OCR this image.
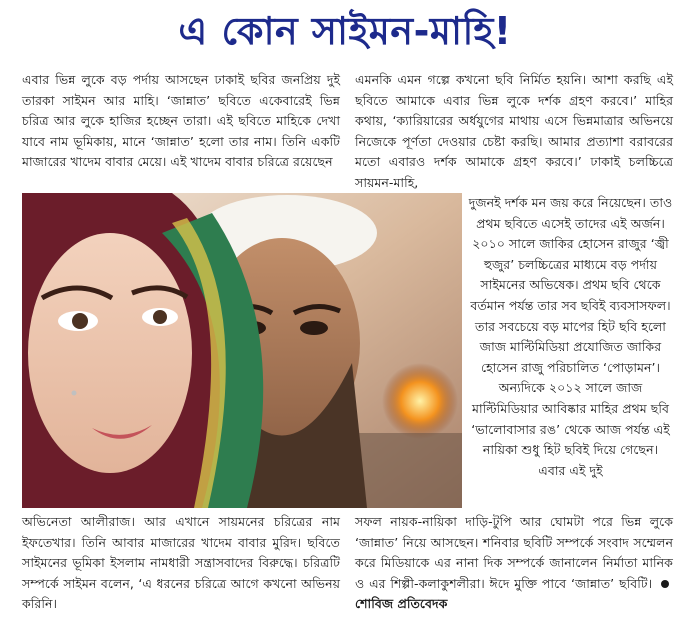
এ কোন সাইমন-মাহি!

এবার ভিন্ন লুকে বড় পর্দায় আসছেন ঢাকাই ছবির জনপ্রিয় দুই তারকা সাইমন আর মাহি। ‘জান্নাত’ ছবিতে একেবারেই ভিন্ন চরিত্র আর লুকে হাজির হচ্ছেন তারা। এই ছবিতে মাহিকে দেখা যাবে নাম ভূমিকায়, মানে ‘জান্নাত’ হলো তার নাম। তিনি একটি মাজারের খাদেম বাবার মেয়ে। এই খাদেম বাবার চরিত্রে রয়েছেন

এমনকি এমন গল্পে কখনো ছবি নির্মিত হয়নি। আশা করছি এই ছবিতে আমাকে এবার ভিন্ন লুকে দর্শক গ্রহণ করবে।’ মাহির কথায়, ‘ক্যারিয়ারের অর্ধযুগের মাথায় এসে ভিন্নমাত্রার অভিনয়ে নিজেকে পূর্ণতা দেওয়ার চেষ্টা করছি। আমার প্রত্যাশা বরাবরের মতো এবারও দর্শক আমাকে গ্রহণ করবে।’ ঢাকাই চলচ্চিত্রে সায়মন-মাহি,

দুজনই দর্শক মন জয় করে নিয়েছেন। তাও প্রথম ছবিতে এসেই তাদের এই অর্জন। ২০১০ সালে জাকির হোসেন রাজুর ‘জ্বী হুজুর’ চলচ্চিত্রের মাধ্যমে বড় পর্দায় সাইমনের অভিষেক। প্রথম ছবি থেকে বর্তমান পর্যন্ত তার সব ছবিই ব্যবসাসফল। তার সবচেয়ে বড় মাপের হিট ছবি হলো জাজ মাল্টিমিডিয়া প্রযোজিত জাকির হোসেন রাজু পরিচালিত ‘পোড়ামন’। অন্যদিকে ২০১২ সালে জাজ মাল্টিমিডিয়ার আবিষ্কার মাহির প্রথম ছবি ‘ভালোবাসার রঙ’ থেকে আজ পর্যন্ত এই নায়িকা শুধু হিট ছবিই দিয়ে গেছেন। এবার এই দুই

অভিনেতা আলীরাজ। আর এখানে সায়মনের চরিত্রের নাম ইফতেখার। তিনি আবার মাজারের খাদেম বাবার মুরিদ। ছবিতে সাইমনের ভূমিকা ইসলাম নামধারী সন্ত্রাসবাদের বিরুদ্ধে। চরিত্রটি সম্পর্কে সাইমন বলেন, ‘এ ধরনের চরিত্রে আগে কখনো অভিনয় করিনি।

সফল নায়ক-নায়িকা দাড়ি-টুপি আর ঘোমটা পরে ভিন্ন লুকে ‘জান্নাত’ নিয়ে আসছেন। শনিবার ছবিটি সম্পর্কে সংবাদ সম্মেলন করে মিডিয়াকে এর নানা দিক সম্পর্কে জানালেন নির্মাতা মানিক ও এর শিল্পী-কলাকুশলীরা। ঈদে মুক্তি পাবে ‘জান্নাত’ ছবিটি।  শোবিজ প্রতিবেদক
